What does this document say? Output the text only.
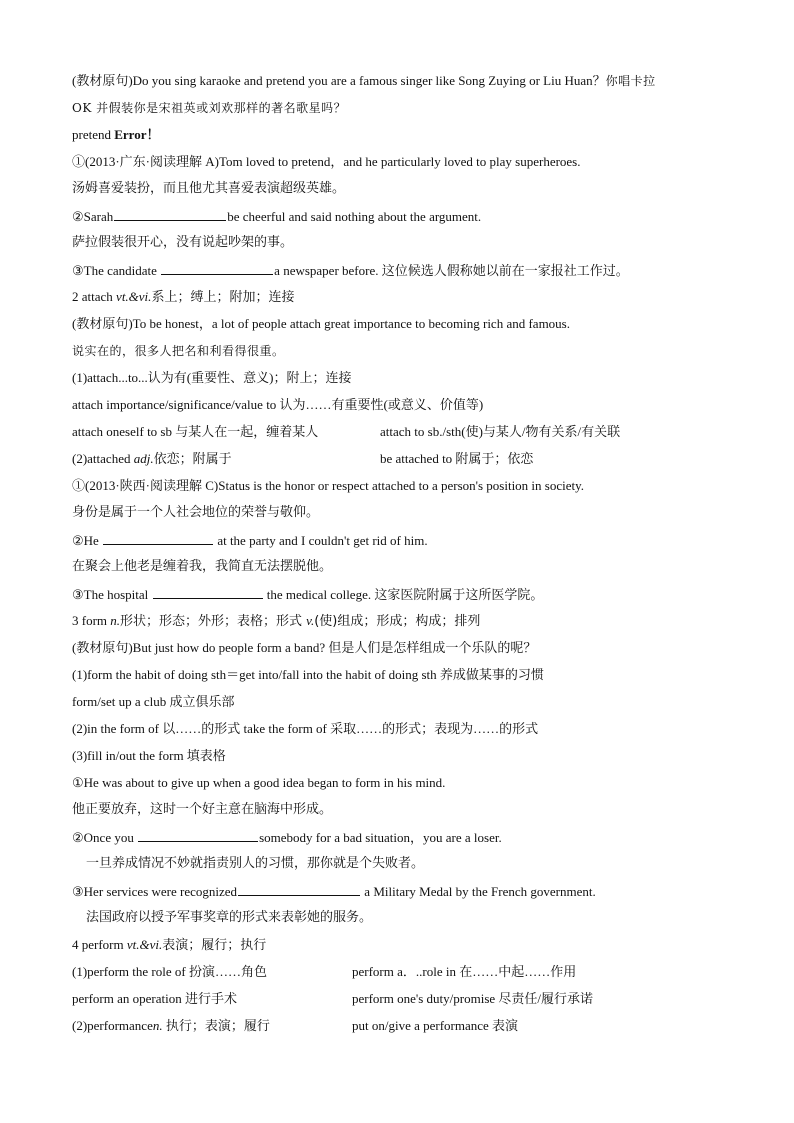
(教材原句)Do you sing karaoke and pretend you are a famous singer like Song Zuying or Liu Huan？你唱卡拉
OK 并假装你是宋祖英或刘欢那样的著名歌星吗？
pretend Error！
①(2013·广东·阅读理解 A)Tom loved to pretend，and he particularly loved to play superheroes.
汤姆喜爱装扮，而且他尤其喜爱表演超级英雄。
②Sarah	be cheerful and said nothing about the argument.
萨拉假装很开心，没有说起吵架的事。
③The candidate	a newspaper before. 这位候选人假称她以前在一家报社工作过。
2 attach vt.&vi.系上；缚上；附加；连接
(教材原句)To be honest，a lot of people attach great importance to becoming rich and famous.
说实在的，很多人把名和利看得很重。
(1)attach...to...认为有(重要性、意义)；附上；连接
attach importance/significance/value to 认为……有重要性(或意义、价值等)
attach oneself to sb 与某人在一起，缠着某人	attach to sb./sth(使)与某人/物有关系/有关联
(2)attached adj.依恋；附属于	be attached to 附属于；依恋
①(2013·陕西·阅读理解 C)Status is the honor or respect attached to a person's position in society.
身份是属于一个人社会地位的荣誉与敬仰。
②He	at the party and I couldn't get rid of him.
在聚会上他老是缠着我，我简直无法摆脱他。
③The hospital	the medical college. 这家医院附属于这所医学院。
3 form n.形状；形态；外形；表格；形式 v.(使)组成；形成；构成；排列
(教材原句)But just how do people form a band? 但是人们是怎样组成一个乐队的呢？
(1)form the habit of doing sth＝get into/fall into the habit of doing sth 养成做某事的习惯
form/set up a club 成立俱乐部
(2)in the form of 以……的形式 take the form of 采取……的形式；表现为……的形式
(3)fill in/out the form 填表格
①He was about to give up when a good idea began to form in his mind.
他正要放弃，这时一个好主意在脑海中形成。
②Once you	somebody for a bad situation，you are a loser.
一旦养成情况不妙就指责别人的习惯，那你就是个失败者。
③Her services were recognized	a Military Medal by the French government.
法国政府以授予军事奖章的形式来表彰她的服务。
4 perform vt.&vi.表演；履行；执行
(1)perform the role of 扮演……角色	perform a．..role in 在……中起……作用
perform an operation 进行手术	perform one's duty/promise 尽责任/履行承诺
(2)performancen. 执行；表演；履行	put on/give a performance 表演
